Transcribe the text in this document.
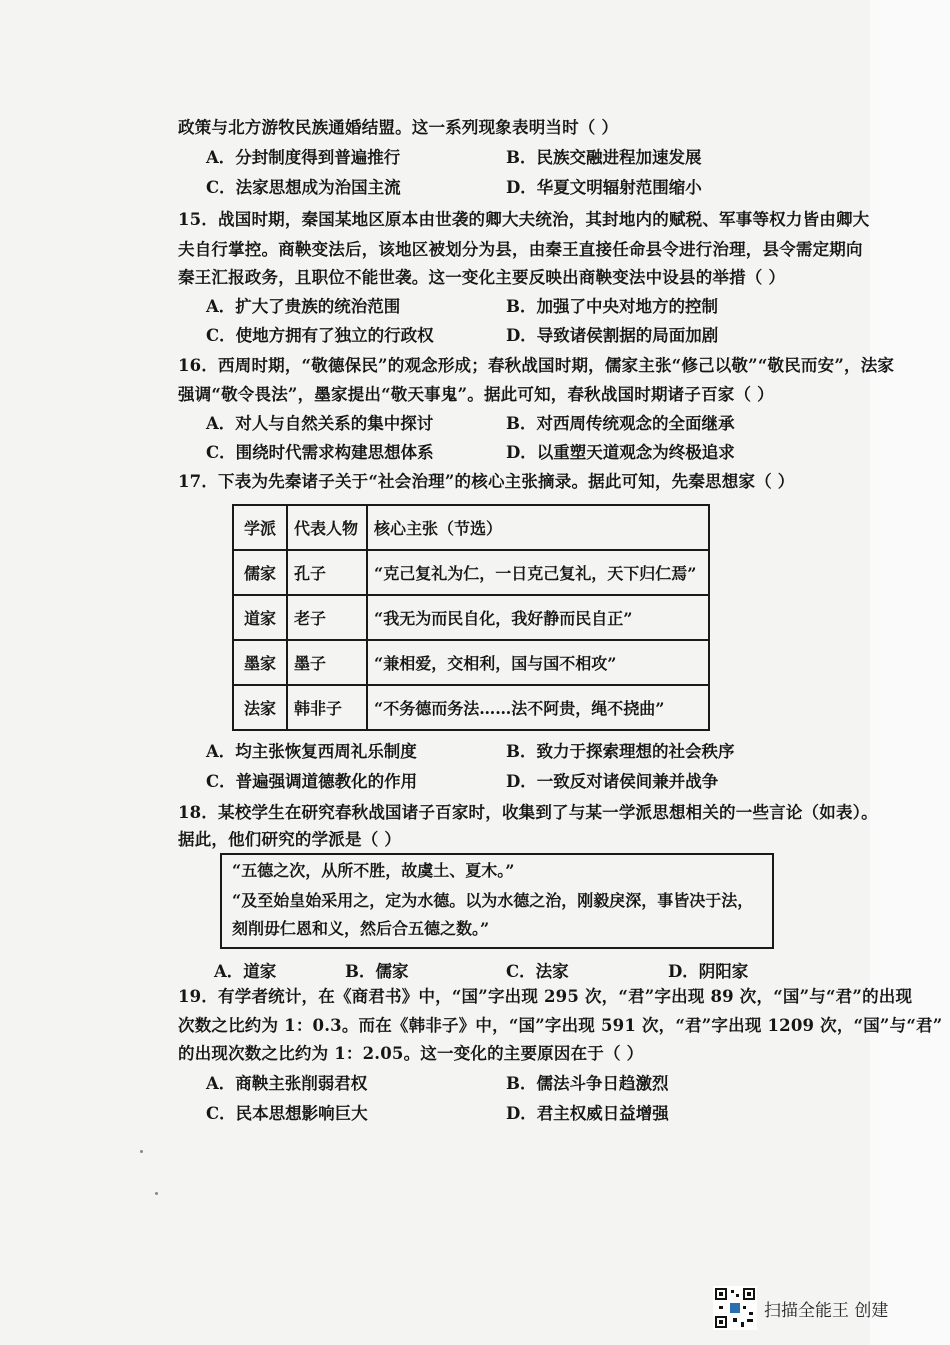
政策与北方游牧民族通婚结盟。这一系列现象表明当时（ ）
A．分封制度得到普遍推行	B．民族交融进程加速发展
C．法家思想成为治国主流	D．华夏文明辐射范围缩小
15．战国时期，秦国某地区原本由世袭的卿大夫统治，其封地内的赋税、军事等权力皆由卿大
夫自行掌控。商鞅变法后，该地区被划分为县，由秦王直接任命县令进行治理，县令需定期向
秦王汇报政务，且职位不能世袭。这一变化主要反映出商鞅变法中设县的举措（ ）
A．扩大了贵族的统治范围	B．加强了中央对地方的控制
C．使地方拥有了独立的行政权	D．导致诸侯割据的局面加剧
16．西周时期，“敬德保民”的观念形成；春秋战国时期，儒家主张“修己以敬”“敬民而安”，法家
强调“敬令畏法”，墨家提出“敬天事鬼”。据此可知，春秋战国时期诸子百家（ ）
A．对人与自然关系的集中探讨	B．对西周传统观念的全面继承
C．围绕时代需求构建思想体系	D．以重塑天道观念为终极追求
17．下表为先秦诸子关于“社会治理”的核心主张摘录。据此可知，先秦思想家（ ）
学派	代表人物	核心主张（节选）
儒家	孔子	“克己复礼为仁，一日克己复礼，天下归仁焉”
道家	老子	“我无为而民自化，我好静而民自正”
墨家	墨子	“兼相爱，交相利，国与国不相攻”
法家	韩非子	“不务德而务法……法不阿贵，绳不挠曲”
A．均主张恢复西周礼乐制度	B．致力于探索理想的社会秩序
C．普遍强调道德教化的作用	D．一致反对诸侯间兼并战争
18．某校学生在研究春秋战国诸子百家时，收集到了与某一学派思想相关的一些言论（如表）。
据此，他们研究的学派是（ ）
“五德之次，从所不胜，故虞土、夏木。”
“及至始皇始采用之，定为水德。以为水德之治，刚毅戾深，事皆决于法，
刻削毋仁恩和义，然后合五德之数。”
A．道家	B．儒家	C．法家	D．阴阳家
19．有学者统计，在《商君书》中，“国”字出现 295 次，“君”字出现 89 次，“国”与“君”的出现
次数之比约为 1：0.3。而在《韩非子》中，“国”字出现 591 次，“君”字出现 1209 次，“国”与“君”
的出现次数之比约为 1：2.05。这一变化的主要原因在于（ ）
A．商鞅主张削弱君权	B．儒法斗争日趋激烈
C．民本思想影响巨大	D．君主权威日益增强
扫描全能王 创建
